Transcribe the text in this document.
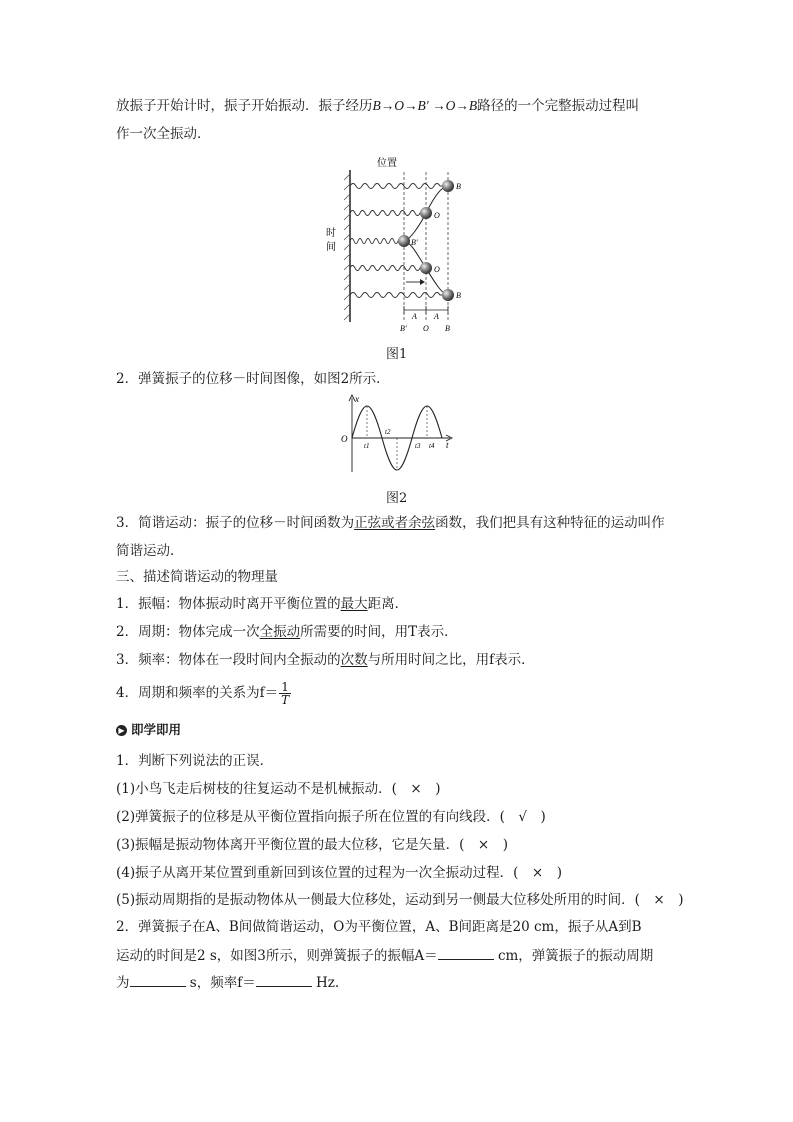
放振子开始计时，振子开始振动．振子经历B→O→B′ →O→B路径的一个完整振动过程叫
作一次全振动．
位置
时
间
B
O
B′
O
B
A A
B′ O B
图1
2．弹簧振子的位移－时间图像，如图2所示．
x
t
O
t1
t2
t3 t4
图2
3．简谐运动：振子的位移－时间函数为正弦或者余弦函数，我们把具有这种特征的运动叫作
简谐运动．
三、描述简谐运动的物理量
1．振幅：物体振动时离开平衡位置的最大距离．
2．周期：物体完成一次全振动所需要的时间，用T表示．
3．频率：物体在一段时间内全振动的次数与所用时间之比，用f表示．
4．周期和频率的关系为$f= \frac{1}{T}$
▶ 即学即用
1．判断下列说法的正误．
(1)小鸟飞走后树枝的往复运动不是机械振动．(　×　)
(2)弹簧振子的位移是从平衡位置指向振子所在位置的有向线段．(　√　)
(3)振幅是振动物体离开平衡位置的最大位移，它是矢量．(　×　)
(4)振子从离开某位置到重新回到该位置的过程为一次全振动过程．(　×　)
(5)振动周期指的是振动物体从一侧最大位移处，运动到另一侧最大位移处所用的时间．(　×　)
2．弹簧振子在A、B间做简谐运动，O为平衡位置，A、B间距离是20 cm，振子从A到B
运动的时间是2 s，如图3所示，则弹簧振子的振幅A＝	cm，弹簧振子的振动周期
为	s，频率f＝	Hz.
